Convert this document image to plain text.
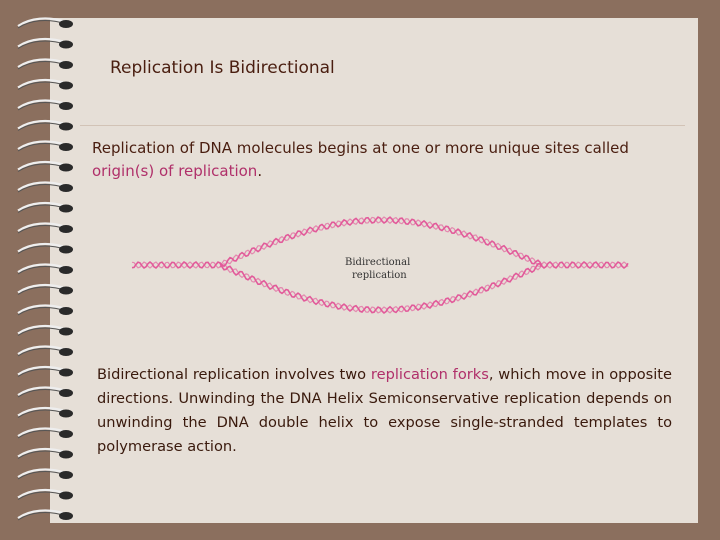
Replication Is Bidirectional
Replication of DNA molecules begins at one or more unique sites called origin(s) of replication.
Bidirectional
replication
Bidirectional replication involves two replication forks, which move in opposite directions. Unwinding the DNA Helix Semiconservative replication depends on unwinding the DNA double helix to expose single-stranded templates to polymerase action.
